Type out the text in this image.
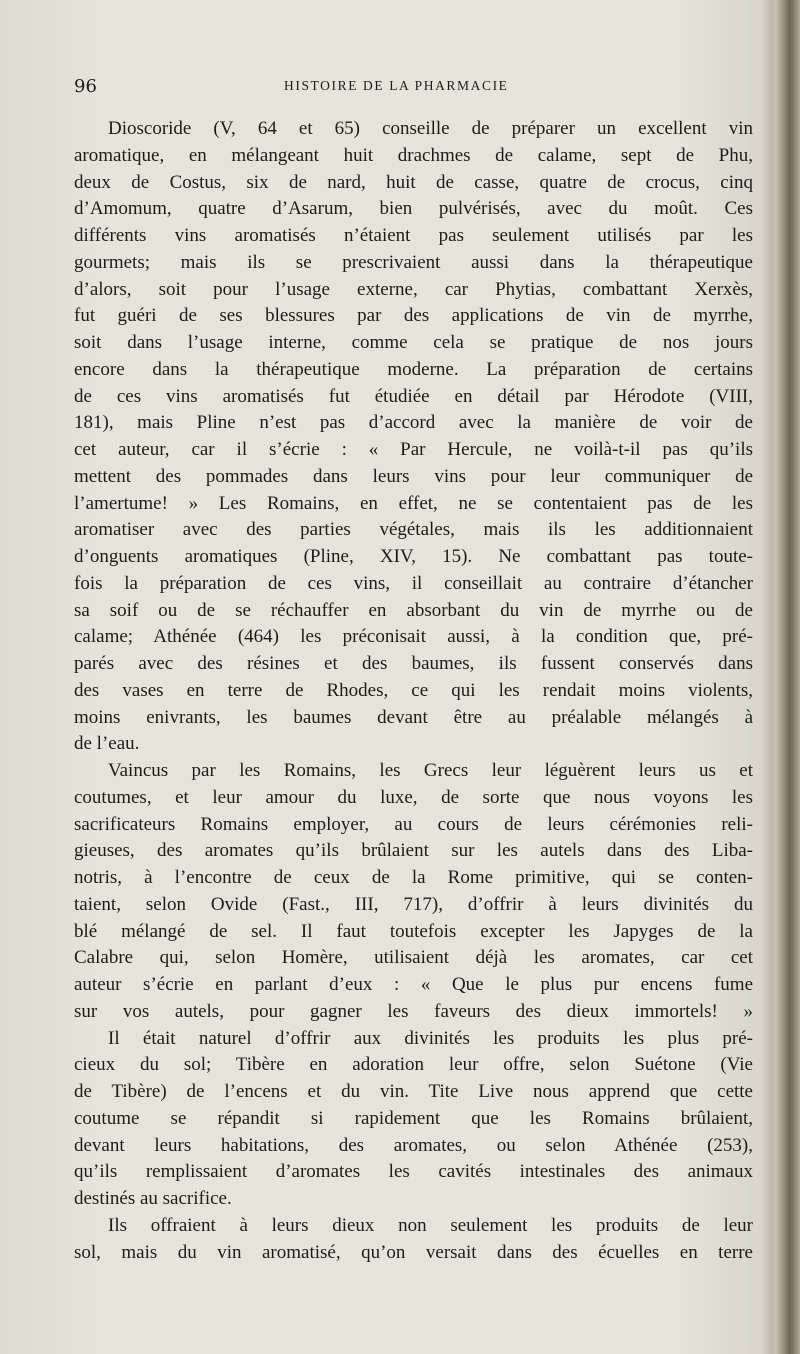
96	HISTOIRE DE LA PHARMACIE
Dioscoride (V, 64 et 65) conseille de préparer un excellent vin
aromatique, en mélangeant huit drachmes de calame, sept de Phu,
deux de Costus, six de nard, huit de casse, quatre de crocus, cinq
d’Amomum, quatre d’Asarum, bien pulvérisés, avec du moût. Ces
différents vins aromatisés n’étaient pas seulement utilisés par les
gourmets; mais ils se prescrivaient aussi dans la thérapeutique
d’alors, soit pour l’usage externe, car Phytias, combattant Xerxès,
fut guéri de ses blessures par des applications de vin de myrrhe,
soit dans l’usage interne, comme cela se pratique de nos jours
encore dans la thérapeutique moderne. La préparation de certains
de ces vins aromatisés fut étudiée en détail par Hérodote (VIII,
181), mais Pline n’est pas d’accord avec la manière de voir de
cet auteur, car il s’écrie : « Par Hercule, ne voilà-t-il pas qu’ils
mettent des pommades dans leurs vins pour leur communiquer de
l’amertume! » Les Romains, en effet, ne se contentaient pas de les
aromatiser avec des parties végétales, mais ils les additionnaient
d’onguents aromatiques (Pline, XIV, 15). Ne combattant pas toute-
fois la préparation de ces vins, il conseillait au contraire d’étancher
sa soif ou de se réchauffer en absorbant du vin de myrrhe ou de
calame; Athénée (464) les préconisait aussi, à la condition que, pré-
parés avec des résines et des baumes, ils fussent conservés dans
des vases en terre de Rhodes, ce qui les rendait moins violents,
moins enivrants, les baumes devant être au préalable mélangés à
de l’eau.
Vaincus par les Romains, les Grecs leur léguèrent leurs us et
coutumes, et leur amour du luxe, de sorte que nous voyons les
sacrificateurs Romains employer, au cours de leurs cérémonies reli-
gieuses, des aromates qu’ils brûlaient sur les autels dans des Liba-
notris, à l’encontre de ceux de la Rome primitive, qui se conten-
taient, selon Ovide (Fast., III, 717), d’offrir à leurs divinités du
blé mélangé de sel. Il faut toutefois excepter les Japyges de la
Calabre qui, selon Homère, utilisaient déjà les aromates, car cet
auteur s’écrie en parlant d’eux : « Que le plus pur encens fume
sur vos autels, pour gagner les faveurs des dieux immortels! »
Il était naturel d’offrir aux divinités les produits les plus pré-
cieux du sol; Tibère en adoration leur offre, selon Suétone (Vie
de Tibère) de l’encens et du vin. Tite Live nous apprend que cette
coutume se répandit si rapidement que les Romains brûlaient,
devant leurs habitations, des aromates, ou selon Athénée (253),
qu’ils remplissaient d’aromates les cavités intestinales des animaux
destinés au sacrifice.
Ils offraient à leurs dieux non seulement les produits de leur
sol, mais du vin aromatisé, qu’on versait dans des écuelles en terre
